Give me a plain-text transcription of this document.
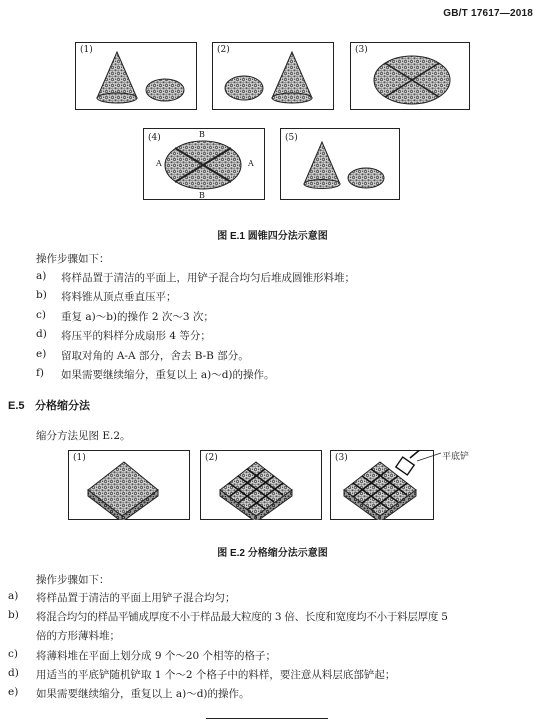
GB/T 17617—2018
(1)	(2)	(3)
(4)	B
B
A	A
(5)
图 E.1 圆锥四分法示意图
操作步骤如下：
a) 将样品置于清洁的平面上，用铲子混合均匀后堆成圆锥形料堆；
b) 将料锥从顶点垂直压平；
c) 重复 a)～b)的操作 2 次～3 次；
d) 将压平的料样分成扇形 4 等分；
e) 留取对角的 A-A 部分，舍去 B-B 部分。
f) 如果需要继续缩分，重复以上 a)～d)的操作。
E.5 分格缩分法
缩分方法见图 E.2。
(1)	(2)	(3)	平底铲
图 E.2 分格缩分法示意图
操作步骤如下：
a) 将样品置于清洁的平面上用铲子混合均匀；
b) 将混合均匀的样品平铺成厚度不小于样品最大粒度的 3 倍、长度和宽度均不小于料层厚度 5
倍的方形薄料堆；
c) 将薄料堆在平面上划分成 9 个～20 个相等的格子；
d) 用适当的平底铲随机铲取 1 个～2 个格子中的料样，要注意从料层底部铲起；
e) 如果需要继续缩分，重复以上 a)～d)的操作。
